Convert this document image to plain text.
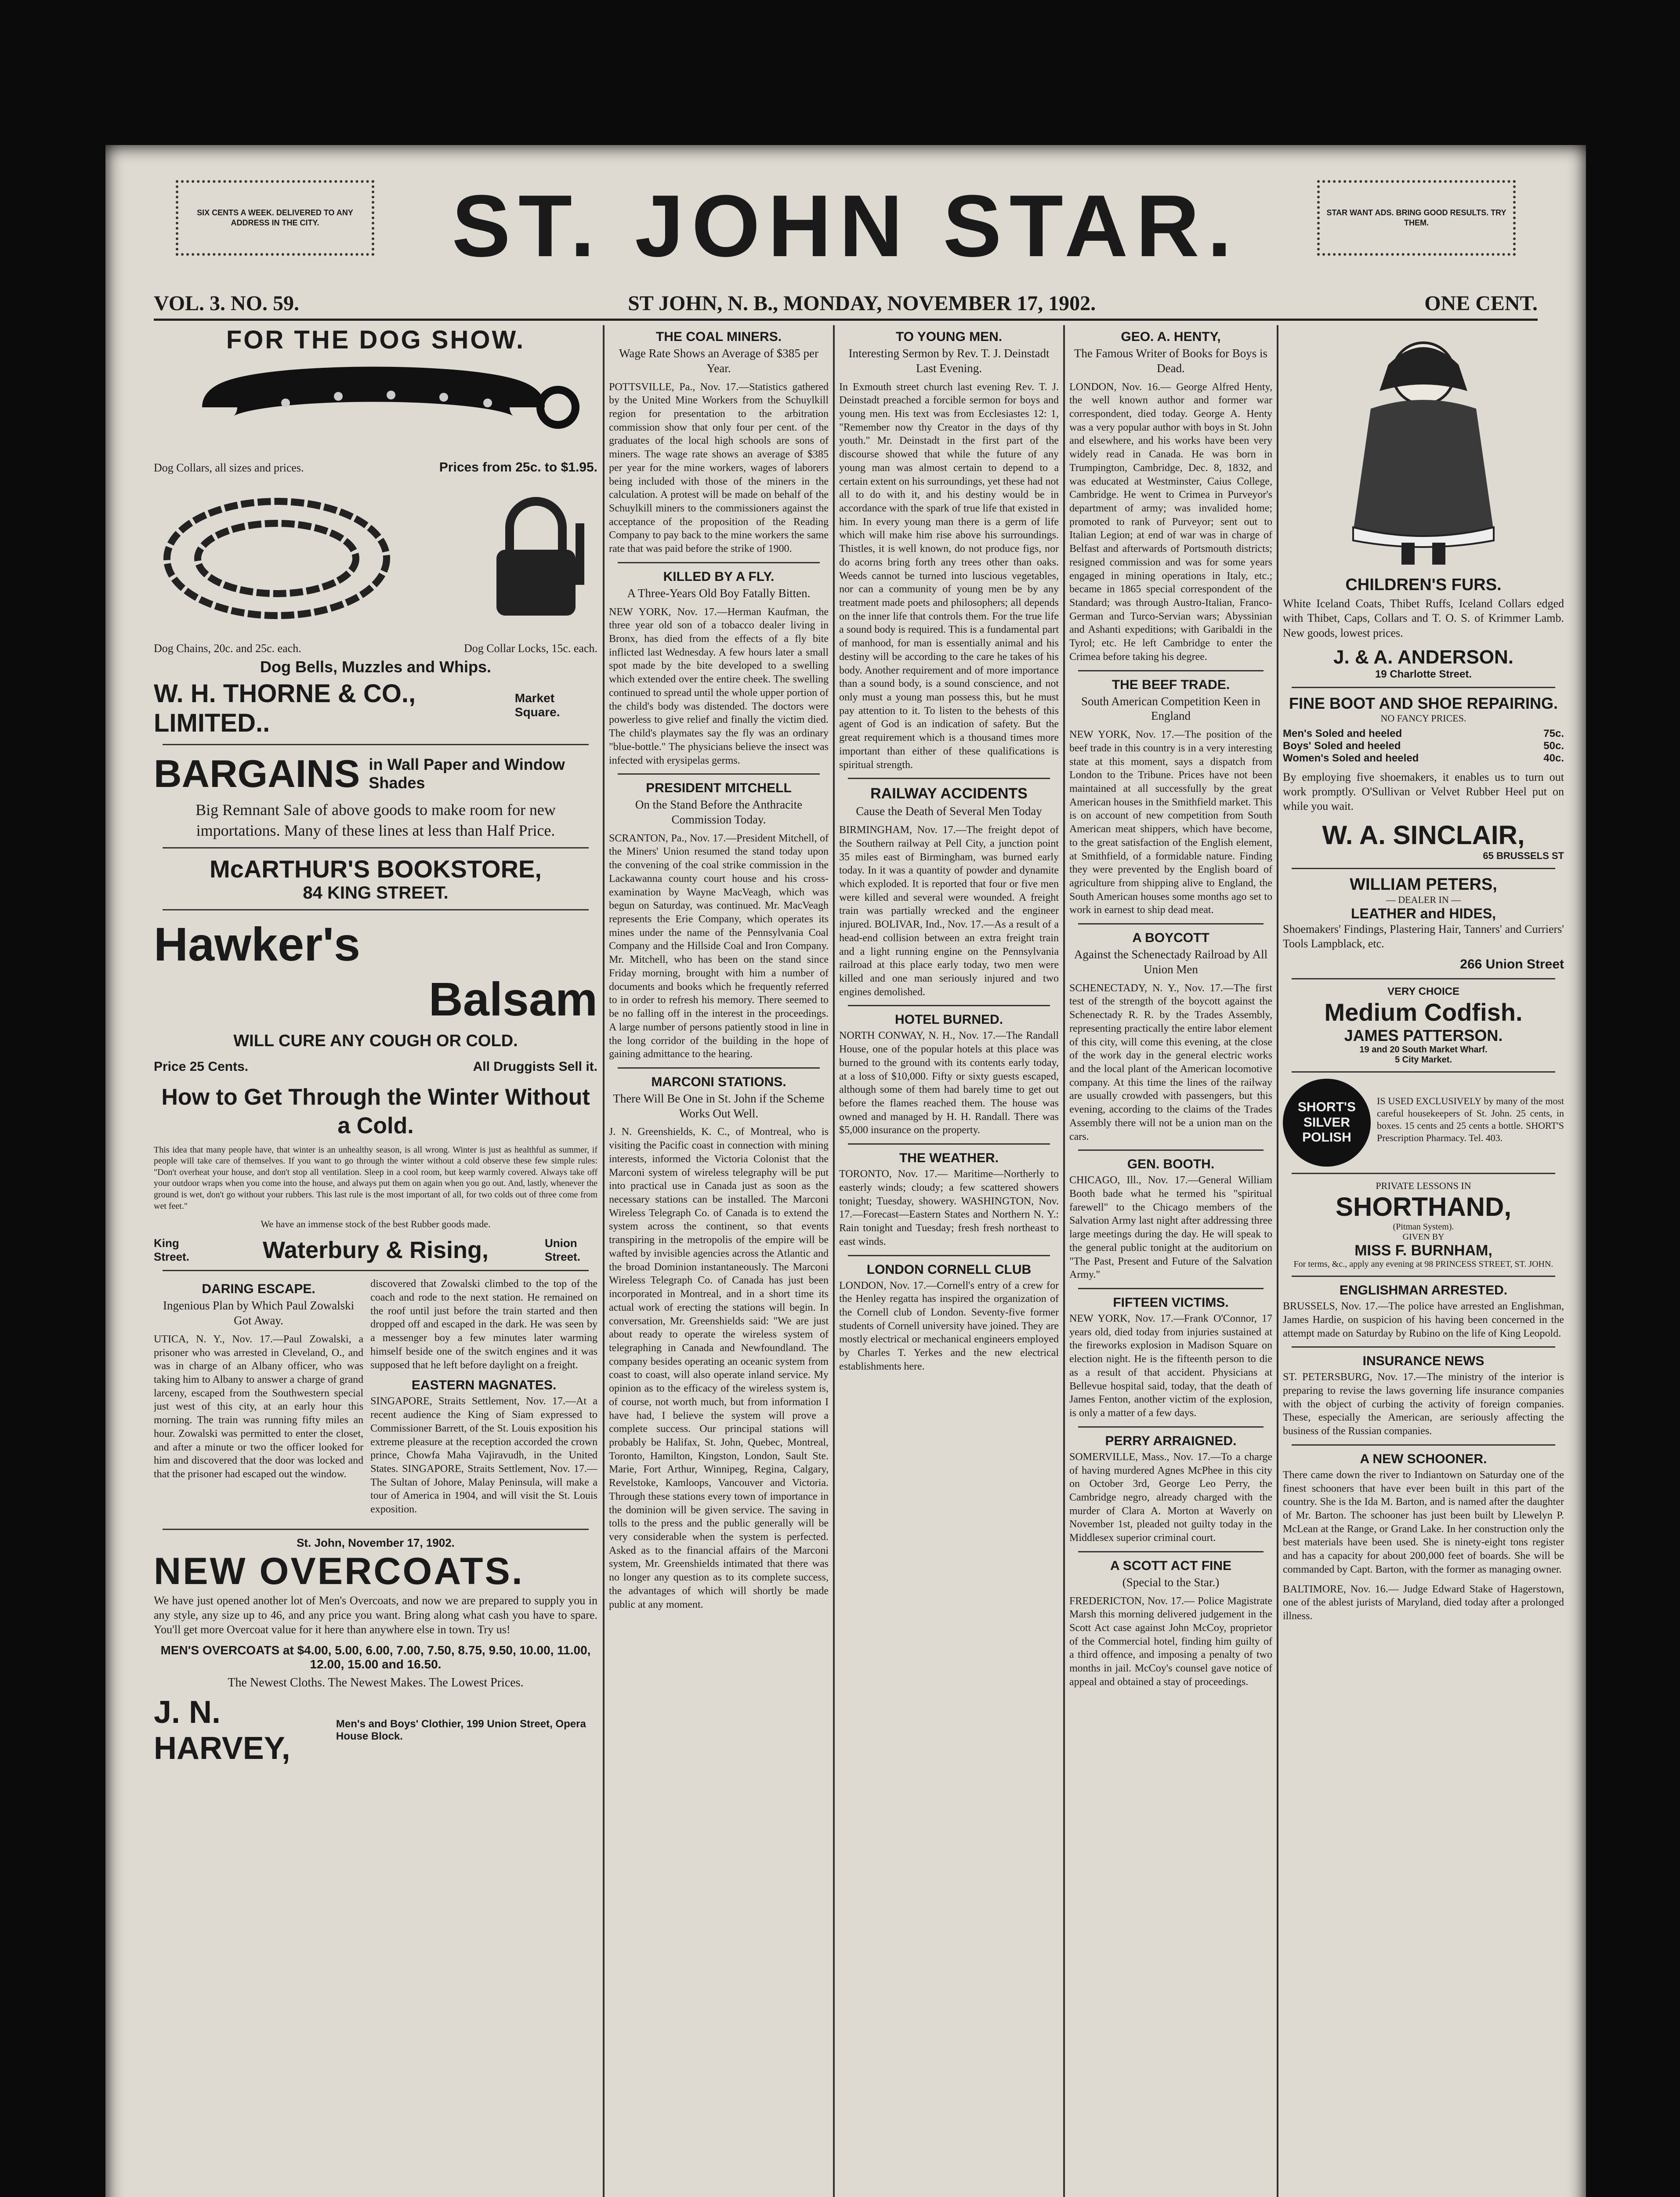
SIX CENTS A WEEK. DELIVERED TO ANY ADDRESS IN THE CITY.	ST. JOHN STAR.	STAR WANT ADS. BRING GOOD RESULTS. TRY THEM.
VOL. 3. NO. 59.	ST JOHN, N. B., MONDAY, NOVEMBER 17, 1902.	ONE CENT.
FOR THE DOG SHOW.
Dog Collars, all sizes and prices.	Prices from 25c. to $1.95.
Dog Chains, 20c. and 25c. each.	Dog Collar Locks, 15c. each.
Dog Bells, Muzzles and Whips.
W. H. THORNE & CO., LIMITED..
Market Square.
BARGAINS in Wall Paper and Window Shades
Big Remnant Sale of above goods to make room for new importations. Many of these lines at less than Half Price.
McARTHUR'S BOOKSTORE,
84 KING STREET.
Hawker's
Balsam
WILL CURE ANY COUGH OR COLD.
Price 25 Cents.	All Druggists Sell it.
How to Get Through the Winter Without a Cold.
This idea that many people have, that winter is an unhealthy season, is all wrong. Winter is just as healthful as summer, if people will take care of themselves. If you want to go through the winter without a cold observe these few simple rules: "Don't overheat your house, and don't stop all ventilation. Sleep in a cool room, but keep warmly covered. Always take off your outdoor wraps when you come into the house, and always put them on again when you go out. And, lastly, whenever the ground is wet, don't go without your rubbers. This last rule is the most important of all, for two colds out of three come from wet feet."
We have an immense stock of the best Rubber goods made.
King Street.	Waterbury & Rising,	Union Street.
DARING ESCAPE.
Ingenious Plan by Which Paul Zowalski Got Away.
UTICA, N. Y., Nov. 17.—Paul Zowalski, a prisoner who was arrested in Cleveland, O., and was in charge of an Albany officer, who was taking him to Albany to answer a charge of grand larceny, escaped from the Southwestern special just west of this city, at an early hour this morning. The train was running fifty miles an hour. Zowalski was permitted to enter the closet, and after a minute or two the officer looked for him and discovered that the door was locked and that the prisoner had escaped out the window.
discovered that Zowalski climbed to the top of the coach and rode to the next station. He remained on the roof until just before the train started and then dropped off and escaped in the dark. He was seen by a messenger boy a few minutes later warming himself beside one of the switch engines and it was supposed that he left before daylight on a freight.
EASTERN MAGNATES.
SINGAPORE, Straits Settlement, Nov. 17.—At a recent audience the King of Siam expressed to Commissioner Barrett, of the St. Louis exposition his extreme pleasure at the reception accorded the crown prince, Chowfa Maha Vajiravudh, in the United States. SINGAPORE, Straits Settlement, Nov. 17.—The Sultan of Johore, Malay Peninsula, will make a tour of America in 1904, and will visit the St. Louis exposition.
St. John, November 17, 1902.
NEW OVERCOATS.
We have just opened another lot of Men's Overcoats, and now we are prepared to supply you in any style, any size up to 46, and any price you want. Bring along what cash you have to spare. You'll get more Overcoat value for it here than anywhere else in town. Try us!
MEN'S OVERCOATS at $4.00, 5.00, 6.00, 7.00, 7.50, 8.75, 9.50, 10.00, 11.00, 12.00, 15.00 and 16.50.
The Newest Cloths. The Newest Makes. The Lowest Prices.
J. N. HARVEY,
Men's and Boys' Clothier, 199 Union Street, Opera House Block.
THE COAL MINERS.
Wage Rate Shows an Average of $385 per Year.
POTTSVILLE, Pa., Nov. 17.—Statistics gathered by the United Mine Workers from the Schuylkill region for presentation to the arbitration commission show that only four per cent. of the graduates of the local high schools are sons of miners. The wage rate shows an average of $385 per year for the mine workers, wages of laborers being included with those of the miners in the calculation. A protest will be made on behalf of the Schuylkill miners to the commissioners against the acceptance of the proposition of the Reading Company to pay back to the mine workers the same rate that was paid before the strike of 1900.
KILLED BY A FLY.
A Three-Years Old Boy Fatally Bitten.
NEW YORK, Nov. 17.—Herman Kaufman, the three year old son of a tobacco dealer living in Bronx, has died from the effects of a fly bite inflicted last Wednesday. A few hours later a small spot made by the bite developed to a swelling which extended over the entire cheek. The swelling continued to spread until the whole upper portion of the child's body was distended. The doctors were powerless to give relief and finally the victim died. The child's playmates say the fly was an ordinary "blue-bottle." The physicians believe the insect was infected with erysipelas germs.
PRESIDENT MITCHELL
On the Stand Before the Anthracite Commission Today.
SCRANTON, Pa., Nov. 17.—President Mitchell, of the Miners' Union resumed the stand today upon the convening of the coal strike commission in the Lackawanna county court house and his cross-examination by Wayne MacVeagh, which was begun on Saturday, was continued. Mr. MacVeagh represents the Erie Company, which operates its mines under the name of the Pennsylvania Coal Company and the Hillside Coal and Iron Company. Mr. Mitchell, who has been on the stand since Friday morning, brought with him a number of documents and books which he frequently referred to in order to refresh his memory. There seemed to be no falling off in the interest in the proceedings. A large number of persons patiently stood in line in the long corridor of the building in the hope of gaining admittance to the hearing.
MARCONI STATIONS.
There Will Be One in St. John if the Scheme Works Out Well.
J. N. Greenshields, K. C., of Montreal, who is visiting the Pacific coast in connection with mining interests, informed the Victoria Colonist that the Marconi system of wireless telegraphy will be put into practical use in Canada just as soon as the necessary stations can be installed. The Marconi Wireless Telegraph Co. of Canada is to extend the system across the continent, so that events transpiring in the metropolis of the empire will be wafted by invisible agencies across the Atlantic and the broad Dominion instantaneously. The Marconi Wireless Telegraph Co. of Canada has just been incorporated in Montreal, and in a short time its actual work of erecting the stations will begin. In conversation, Mr. Greenshields said: "We are just about ready to operate the wireless system of telegraphing in Canada and Newfoundland. The company besides operating an oceanic system from coast to coast, will also operate inland service. My opinion as to the efficacy of the wireless system is, of course, not worth much, but from information I have had, I believe the system will prove a complete success. Our principal stations will probably be Halifax, St. John, Quebec, Montreal, Toronto, Hamilton, Kingston, London, Sault Ste. Marie, Fort Arthur, Winnipeg, Regina, Calgary, Revelstoke, Kamloops, Vancouver and Victoria. Through these stations every town of importance in the dominion will be given service. The saving in tolls to the press and the public generally will be very considerable when the system is perfected. Asked as to the financial affairs of the Marconi system, Mr. Greenshields intimated that there was no longer any question as to its complete success, the advantages of which will shortly be made public at any moment.
TO YOUNG MEN.
Interesting Sermon by Rev. T. J. Deinstadt Last Evening.
In Exmouth street church last evening Rev. T. J. Deinstadt preached a forcible sermon for boys and young men. His text was from Ecclesiastes 12: 1, "Remember now thy Creator in the days of thy youth." Mr. Deinstadt in the first part of the discourse showed that while the future of any young man was almost certain to depend to a certain extent on his surroundings, yet these had not all to do with it, and his destiny would be in accordance with the spark of true life that existed in him. In every young man there is a germ of life which will make him rise above his surroundings. Thistles, it is well known, do not produce figs, nor do acorns bring forth any trees other than oaks. Weeds cannot be turned into luscious vegetables, nor can a community of young men be by any treatment made poets and philosophers; all depends on the inner life that controls them. For the true life a sound body is required. This is a fundamental part of manhood, for man is essentially animal and his destiny will be according to the care he takes of his body. Another requirement and of more importance than a sound body, is a sound conscience, and not only must a young man possess this, but he must pay attention to it. To listen to the behests of this agent of God is an indication of safety. But the great requirement which is a thousand times more important than either of these qualifications is spiritual strength.
RAILWAY ACCIDENTS
Cause the Death of Several Men Today
BIRMINGHAM, Nov. 17.—The freight depot of the Southern railway at Pell City, a junction point 35 miles east of Birmingham, was burned early today. In it was a quantity of powder and dynamite which exploded. It is reported that four or five men were killed and several were wounded. A freight train was partially wrecked and the engineer injured. BOLIVAR, Ind., Nov. 17.—As a result of a head-end collision between an extra freight train and a light running engine on the Pennsylvania railroad at this place early today, two men were killed and one man seriously injured and two engines demolished.
HOTEL BURNED.
NORTH CONWAY, N. H., Nov. 17.—The Randall House, one of the popular hotels at this place was burned to the ground with its contents early today, at a loss of $10,000. Fifty or sixty guests escaped, although some of them had barely time to get out before the flames reached them. The house was owned and managed by H. H. Randall. There was $5,000 insurance on the property.
THE WEATHER.
TORONTO, Nov. 17.— Maritime—Northerly to easterly winds; cloudy; a few scattered showers tonight; Tuesday, showery. WASHINGTON, Nov. 17.—Forecast—Eastern States and Northern N. Y.: Rain tonight and Tuesday; fresh fresh northeast to east winds.
LONDON CORNELL CLUB
LONDON, Nov. 17.—Cornell's entry of a crew for the Henley regatta has inspired the organization of the Cornell club of London. Seventy-five former students of Cornell university have joined. They are mostly electrical or mechanical engineers employed by Charles T. Yerkes and the new electrical establishments here.
GEO. A. HENTY,
The Famous Writer of Books for Boys is Dead.
LONDON, Nov. 16.— George Alfred Henty, the well known author and former war correspondent, died today. George A. Henty was a very popular author with boys in St. John and elsewhere, and his works have been very widely read in Canada. He was born in Trumpington, Cambridge, Dec. 8, 1832, and was educated at Westminster, Caius College, Cambridge. He went to Crimea in Purveyor's department of army; was invalided home; promoted to rank of Purveyor; sent out to Italian Legion; at end of war was in charge of Belfast and afterwards of Portsmouth districts; resigned commission and was for some years engaged in mining operations in Italy, etc.; became in 1865 special correspondent of the Standard; was through Austro-Italian, Franco-German and Turco-Servian wars; Abyssinian and Ashanti expeditions; with Garibaldi in the Tyrol; etc. He left Cambridge to enter the Crimea before taking his degree.
THE BEEF TRADE.
South American Competition Keen in England
NEW YORK, Nov. 17.—The position of the beef trade in this country is in a very interesting state at this moment, says a dispatch from London to the Tribune. Prices have not been maintained at all successfully by the great American houses in the Smithfield market. This is on account of new competition from South American meat shippers, which have become, to the great satisfaction of the English element, at Smithfield, of a formidable nature. Finding they were prevented by the English board of agriculture from shipping alive to England, the South American houses some months ago set to work in earnest to ship dead meat.
A BOYCOTT
Against the Schenectady Railroad by All Union Men
SCHENECTADY, N. Y., Nov. 17.—The first test of the strength of the boycott against the Schenectady R. R. by the Trades Assembly, representing practically the entire labor element of this city, will come this evening, at the close of the work day in the general electric works and the local plant of the American locomotive company. At this time the lines of the railway are usually crowded with passengers, but this evening, according to the claims of the Trades Assembly there will not be a union man on the cars.
GEN. BOOTH.
CHICAGO, Ill., Nov. 17.—General William Booth bade what he termed his "spiritual farewell" to the Chicago members of the Salvation Army last night after addressing three large meetings during the day. He will speak to the general public tonight at the auditorium on "The Past, Present and Future of the Salvation Army."
FIFTEEN VICTIMS.
NEW YORK, Nov. 17.—Frank O'Connor, 17 years old, died today from injuries sustained at the fireworks explosion in Madison Square on election night. He is the fifteenth person to die as a result of that accident. Physicians at Bellevue hospital said, today, that the death of James Fenton, another victim of the explosion, is only a matter of a few days.
PERRY ARRAIGNED.
SOMERVILLE, Mass., Nov. 17.—To a charge of having murdered Agnes McPhee in this city on October 3rd, George Leo Perry, the Cambridge negro, already charged with the murder of Clara A. Morton at Waverly on November 1st, pleaded not guilty today in the Middlesex superior criminal court.
A SCOTT ACT FINE
(Special to the Star.)
FREDERICTON, Nov. 17.— Police Magistrate Marsh this morning delivered judgement in the Scott Act case against John McCoy, proprietor of the Commercial hotel, finding him guilty of a third offence, and imposing a penalty of two months in jail. McCoy's counsel gave notice of appeal and obtained a stay of proceedings.
CHILDREN'S FURS.
White Iceland Coats, Thibet Ruffs, Iceland Collars edged with Thibet, Caps, Collars and T. O. S. of Krimmer Lamb. New goods, lowest prices.
J. & A. ANDERSON.
19 Charlotte Street.
FINE BOOT AND SHOE REPAIRING.
NO FANCY PRICES.
Men's Soled and heeled	75c.
Boys' Soled and heeled	50c.
Women's Soled and heeled	40c.
By employing five shoemakers, it enables us to turn out work promptly. O'Sullivan or Velvet Rubber Heel put on while you wait.
W. A. SINCLAIR,
65 BRUSSELS ST
WILLIAM PETERS,
— DEALER IN —
LEATHER and HIDES,
Shoemakers' Findings, Plastering Hair, Tanners' and Curriers' Tools Lampblack, etc.
266 Union Street
VERY CHOICE
Medium Codfish.
JAMES PATTERSON.
19 and 20 South Market Wharf.
5 City Market.
SHORT'S SILVER POLISH
IS USED EXCLUSIVELY by many of the most careful housekeepers of St. John. 25 cents, in boxes. 15 cents and 25 cents a bottle. SHORT'S Prescription Pharmacy. Tel. 403.
PRIVATE LESSONS IN
SHORTHAND,
(Pitman System).
GIVEN BY
MISS F. BURNHAM,
For terms, &c., apply any evening at 98 PRINCESS STREET, ST. JOHN.
ENGLISHMAN ARRESTED.
BRUSSELS, Nov. 17.—The police have arrested an Englishman, James Hardie, on suspicion of his having been concerned in the attempt made on Saturday by Rubino on the life of King Leopold.
INSURANCE NEWS
ST. PETERSBURG, Nov. 17.—The ministry of the interior is preparing to revise the laws governing life insurance companies with the object of curbing the activity of foreign companies. These, especially the American, are seriously affecting the business of the Russian companies.
A NEW SCHOONER.
There came down the river to Indiantown on Saturday one of the finest schooners that have ever been built in this part of the country. She is the Ida M. Barton, and is named after the daughter of Mr. Barton. The schooner has just been built by Llewelyn P. McLean at the Range, or Grand Lake. In her construction only the best materials have been used. She is ninety-eight tons register and has a capacity for about 200,000 feet of boards. She will be commanded by Capt. Barton, with the former as managing owner.
BALTIMORE, Nov. 16.— Judge Edward Stake of Hagerstown, one of the ablest jurists of Maryland, died today after a prolonged illness.
